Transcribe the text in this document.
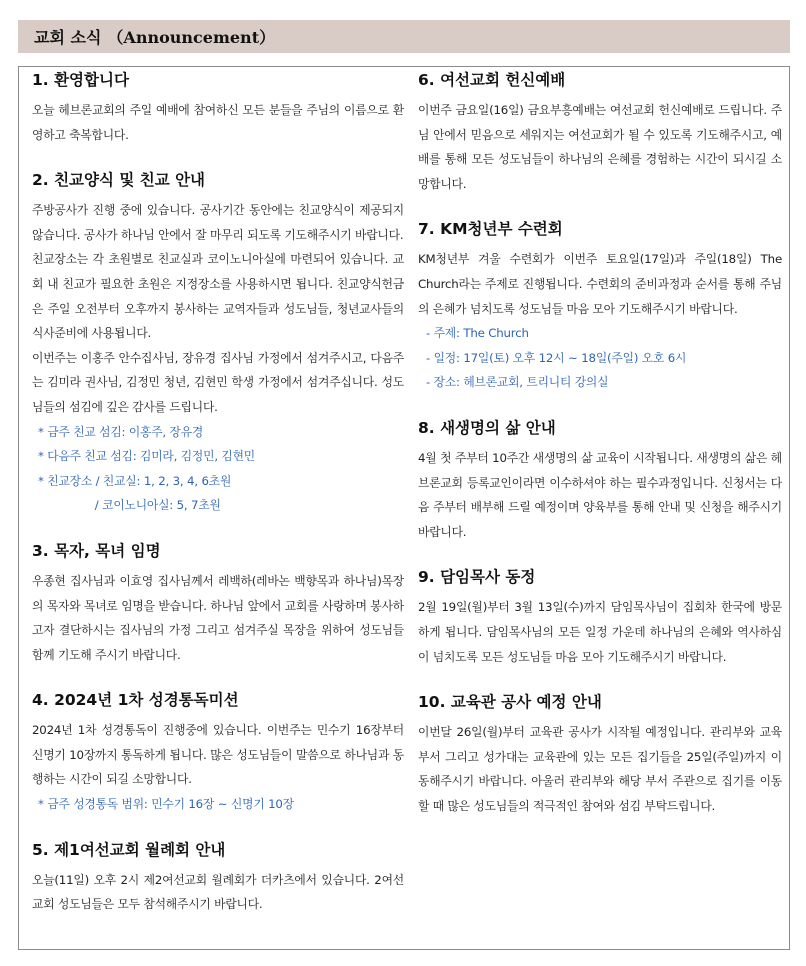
교회 소식 （Announcement）
1. 환영합니다

오늘 헤브론교회의 주일 예배에 참여하신 모든 분들을 주님의 이름으로 환영하고 축복합니다.

2. 친교양식 및 친교 안내

주방공사가 진행 중에 있습니다. 공사기간 동안에는 친교양식이 제공되지 않습니다. 공사가 하나님 안에서 잘 마무리 되도록 기도해주시기 바랍니다.

친교장소는 각 초원별로 친교실과 코이노니아실에 마련되어 있습니다. 교회 내 친교가 필요한 초원은 지정장소를 사용하시면 됩니다. 친교양식헌금은 주일 오전부터 오후까지 봉사하는 교역자들과 성도님들, 청년교사들의 식사준비에 사용됩니다.

이번주는 이홍주 안수집사님, 장유경 집사님 가정에서 섬겨주시고, 다음주는 김미라 권사님, 김정민 청년, 김현민 학생 가정에서 섬겨주십니다. 성도님들의 섬김에 깊은 감사를 드립니다.

* 금주 친교 섬김: 이홍주, 장유경
* 다음주 친교 섬김: 김미라, 김정민, 김현민
* 친교장소 / 친교실: 1, 2, 3, 4, 6초원
/ 코이노니아실: 5, 7초원
3. 목자, 목녀 임명

우종현 집사님과 이효영 집사님께서 레백하(레바논 백향목과 하나님)목장의 목자와 목녀로 임명을 받습니다. 하나님 앞에서 교회를 사랑하며 봉사하고자 결단하시는 집사님의 가정 그리고 섬겨주실 목장을 위하여 성도님들 함께 기도해 주시기 바랍니다.

4. 2024년 1차 성경통독미션

2024년 1차 성경통독이 진행중에 있습니다. 이번주는 민수기 16장부터 신명기 10장까지 통독하게 됩니다. 많은 성도님들이 말씀으로 하나님과 동행하는 시간이 되길 소망합니다.

* 금주 성경통독 범위: 민수기 16장 ~ 신명기 10장
5. 제1여선교회 월례회 안내

오늘(11일) 오후 2시 제2여선교회 월례회가 더카츠에서 있습니다. 2여선교회 성도님들은 모두 참석해주시기 바랍니다.

6. 여선교회 헌신예배

이번주 금요일(16일) 금요부흥예배는 여선교회 헌신예배로 드립니다. 주님 안에서 믿음으로 세워지는 여선교회가 될 수 있도록 기도해주시고, 예배를 통해 모든 성도님들이 하나님의 은혜를 경험하는 시간이 되시길 소망합니다.

7. KM청년부 수련회

KM청년부 겨울 수련회가 이번주 토요일(17일)과 주일(18일) The Church라는 주제로 진행됩니다. 수련회의 준비과정과 순서를 통해 주님의 은혜가 넘치도록 성도님들 마음 모아 기도해주시기 바랍니다.

- 주제: The Church
- 일정: 17일(토) 오후 12시 ~ 18일(주일) 오호 6시
- 장소: 헤브론교회, 트리니티 강의실
8. 새생명의 삶 안내

4월 첫 주부터 10주간 새생명의 삶 교육이 시작됩니다. 새생명의 삶은 헤브론교회 등록교인이라면 이수하셔야 하는 필수과정입니다. 신청서는 다음 주부터 배부해 드릴 예정이며 양육부를 통해 안내 및 신청을 해주시기 바랍니다.

9. 담임목사 동정

2월 19일(월)부터 3월 13일(수)까지 담임목사님이 집회차 한국에 방문하게 됩니다. 담임목사님의 모든 일정 가운데 하나님의 은혜와 역사하심이 넘치도록 모든 성도님들 마음 모아 기도해주시기 바랍니다.

10. 교육관 공사 예정 안내

이번달 26일(월)부터 교육관 공사가 시작될 예정입니다. 관리부와 교육부서 그리고 성가대는 교육관에 있는 모든 집기들을 25일(주일)까지 이동해주시기 바랍니다. 아울러 관리부와 해당 부서 주관으로 집기를 이동할 때 많은 성도님들의 적극적인 참여와 섬김 부탁드립니다.
